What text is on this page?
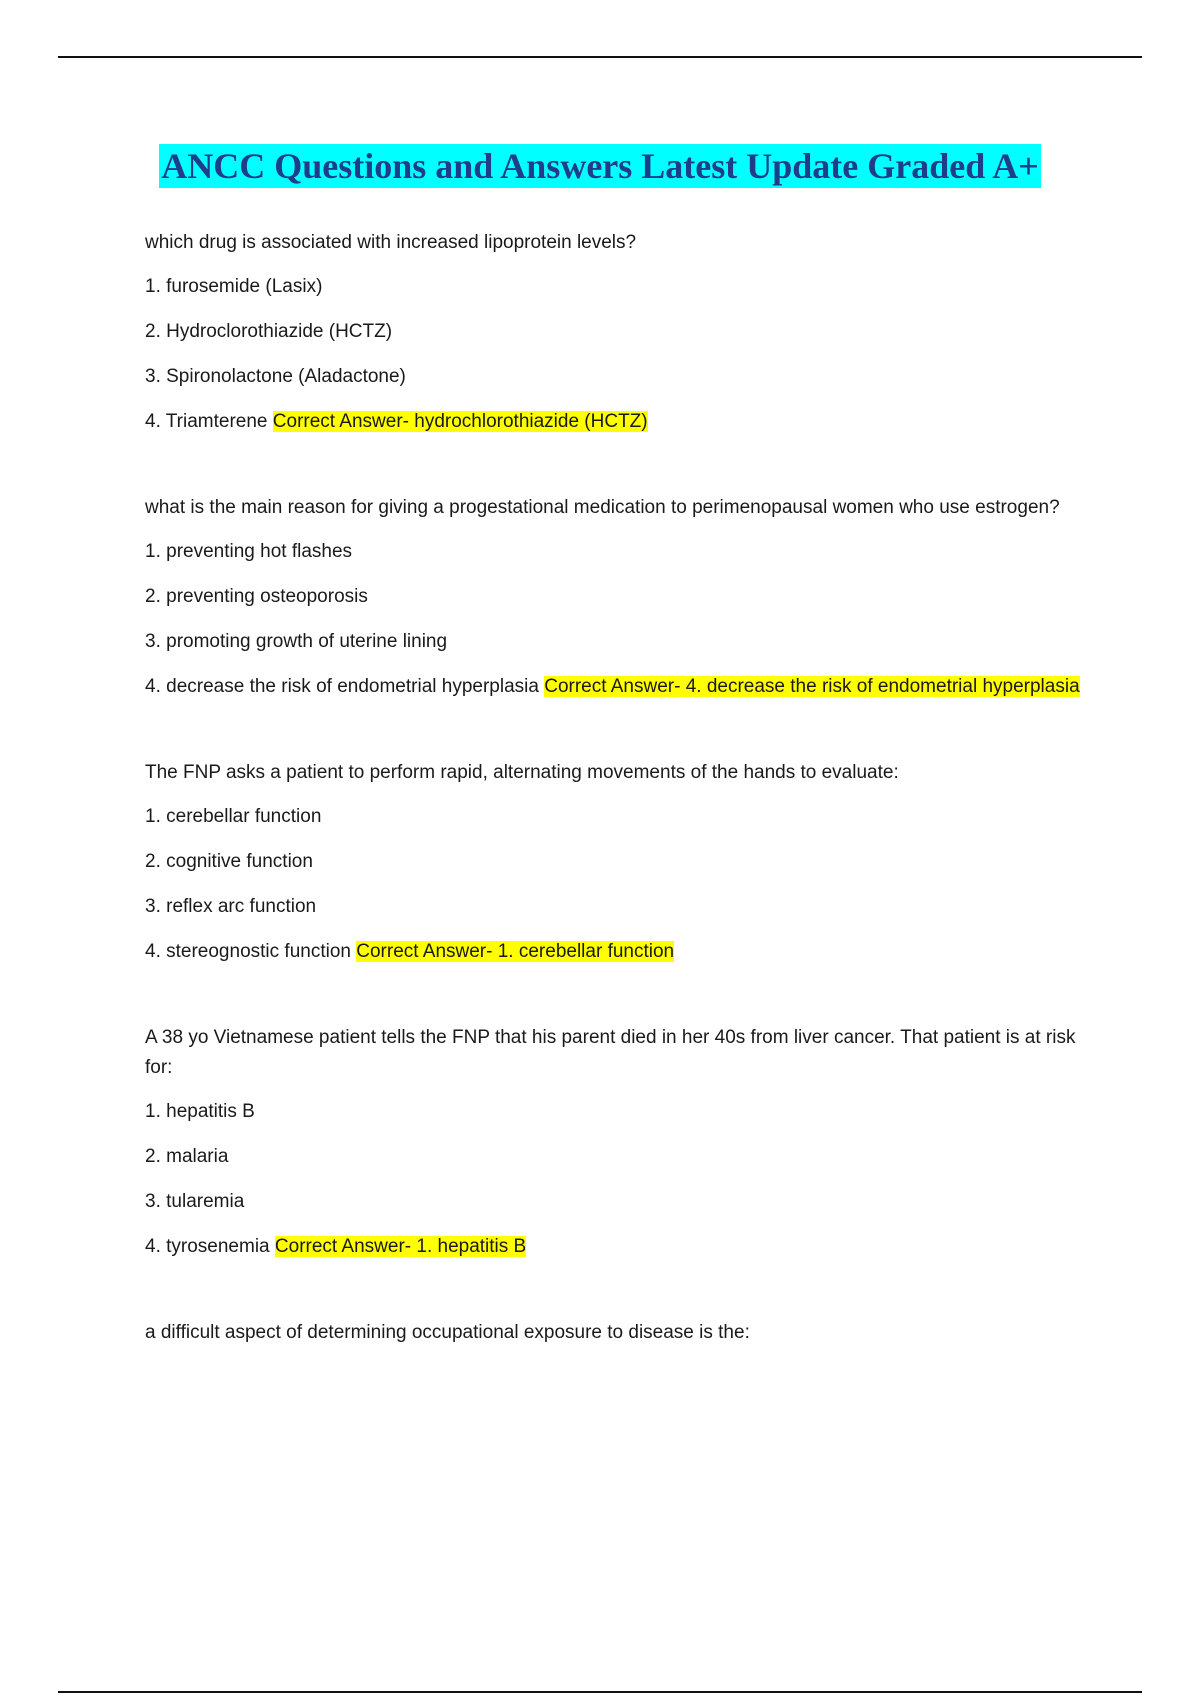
ANCC Questions and Answers Latest Update Graded A+
which drug is associated with increased lipoprotein levels?
1. furosemide (Lasix)
2. Hydroclorothiazide (HCTZ)
3. Spironolactone (Aladactone)
4. Triamterene Correct Answer- hydrochlorothiazide (HCTZ)
what is the main reason for giving a progestational medication to perimenopausal women who use estrogen?
1. preventing hot flashes
2. preventing osteoporosis
3. promoting growth of uterine lining
4. decrease the risk of endometrial hyperplasia Correct Answer- 4. decrease the risk of endometrial hyperplasia
The FNP asks a patient to perform rapid, alternating movements of the hands to evaluate:
1. cerebellar function
2. cognitive function
3. reflex arc function
4. stereognostic function Correct Answer- 1. cerebellar function
A 38 yo Vietnamese patient tells the FNP that his parent died in her 40s from liver cancer. That patient is at risk for:
1. hepatitis B
2. malaria
3. tularemia
4. tyrosenemia Correct Answer- 1. hepatitis B
a difficult aspect of determining occupational exposure to disease is the:
